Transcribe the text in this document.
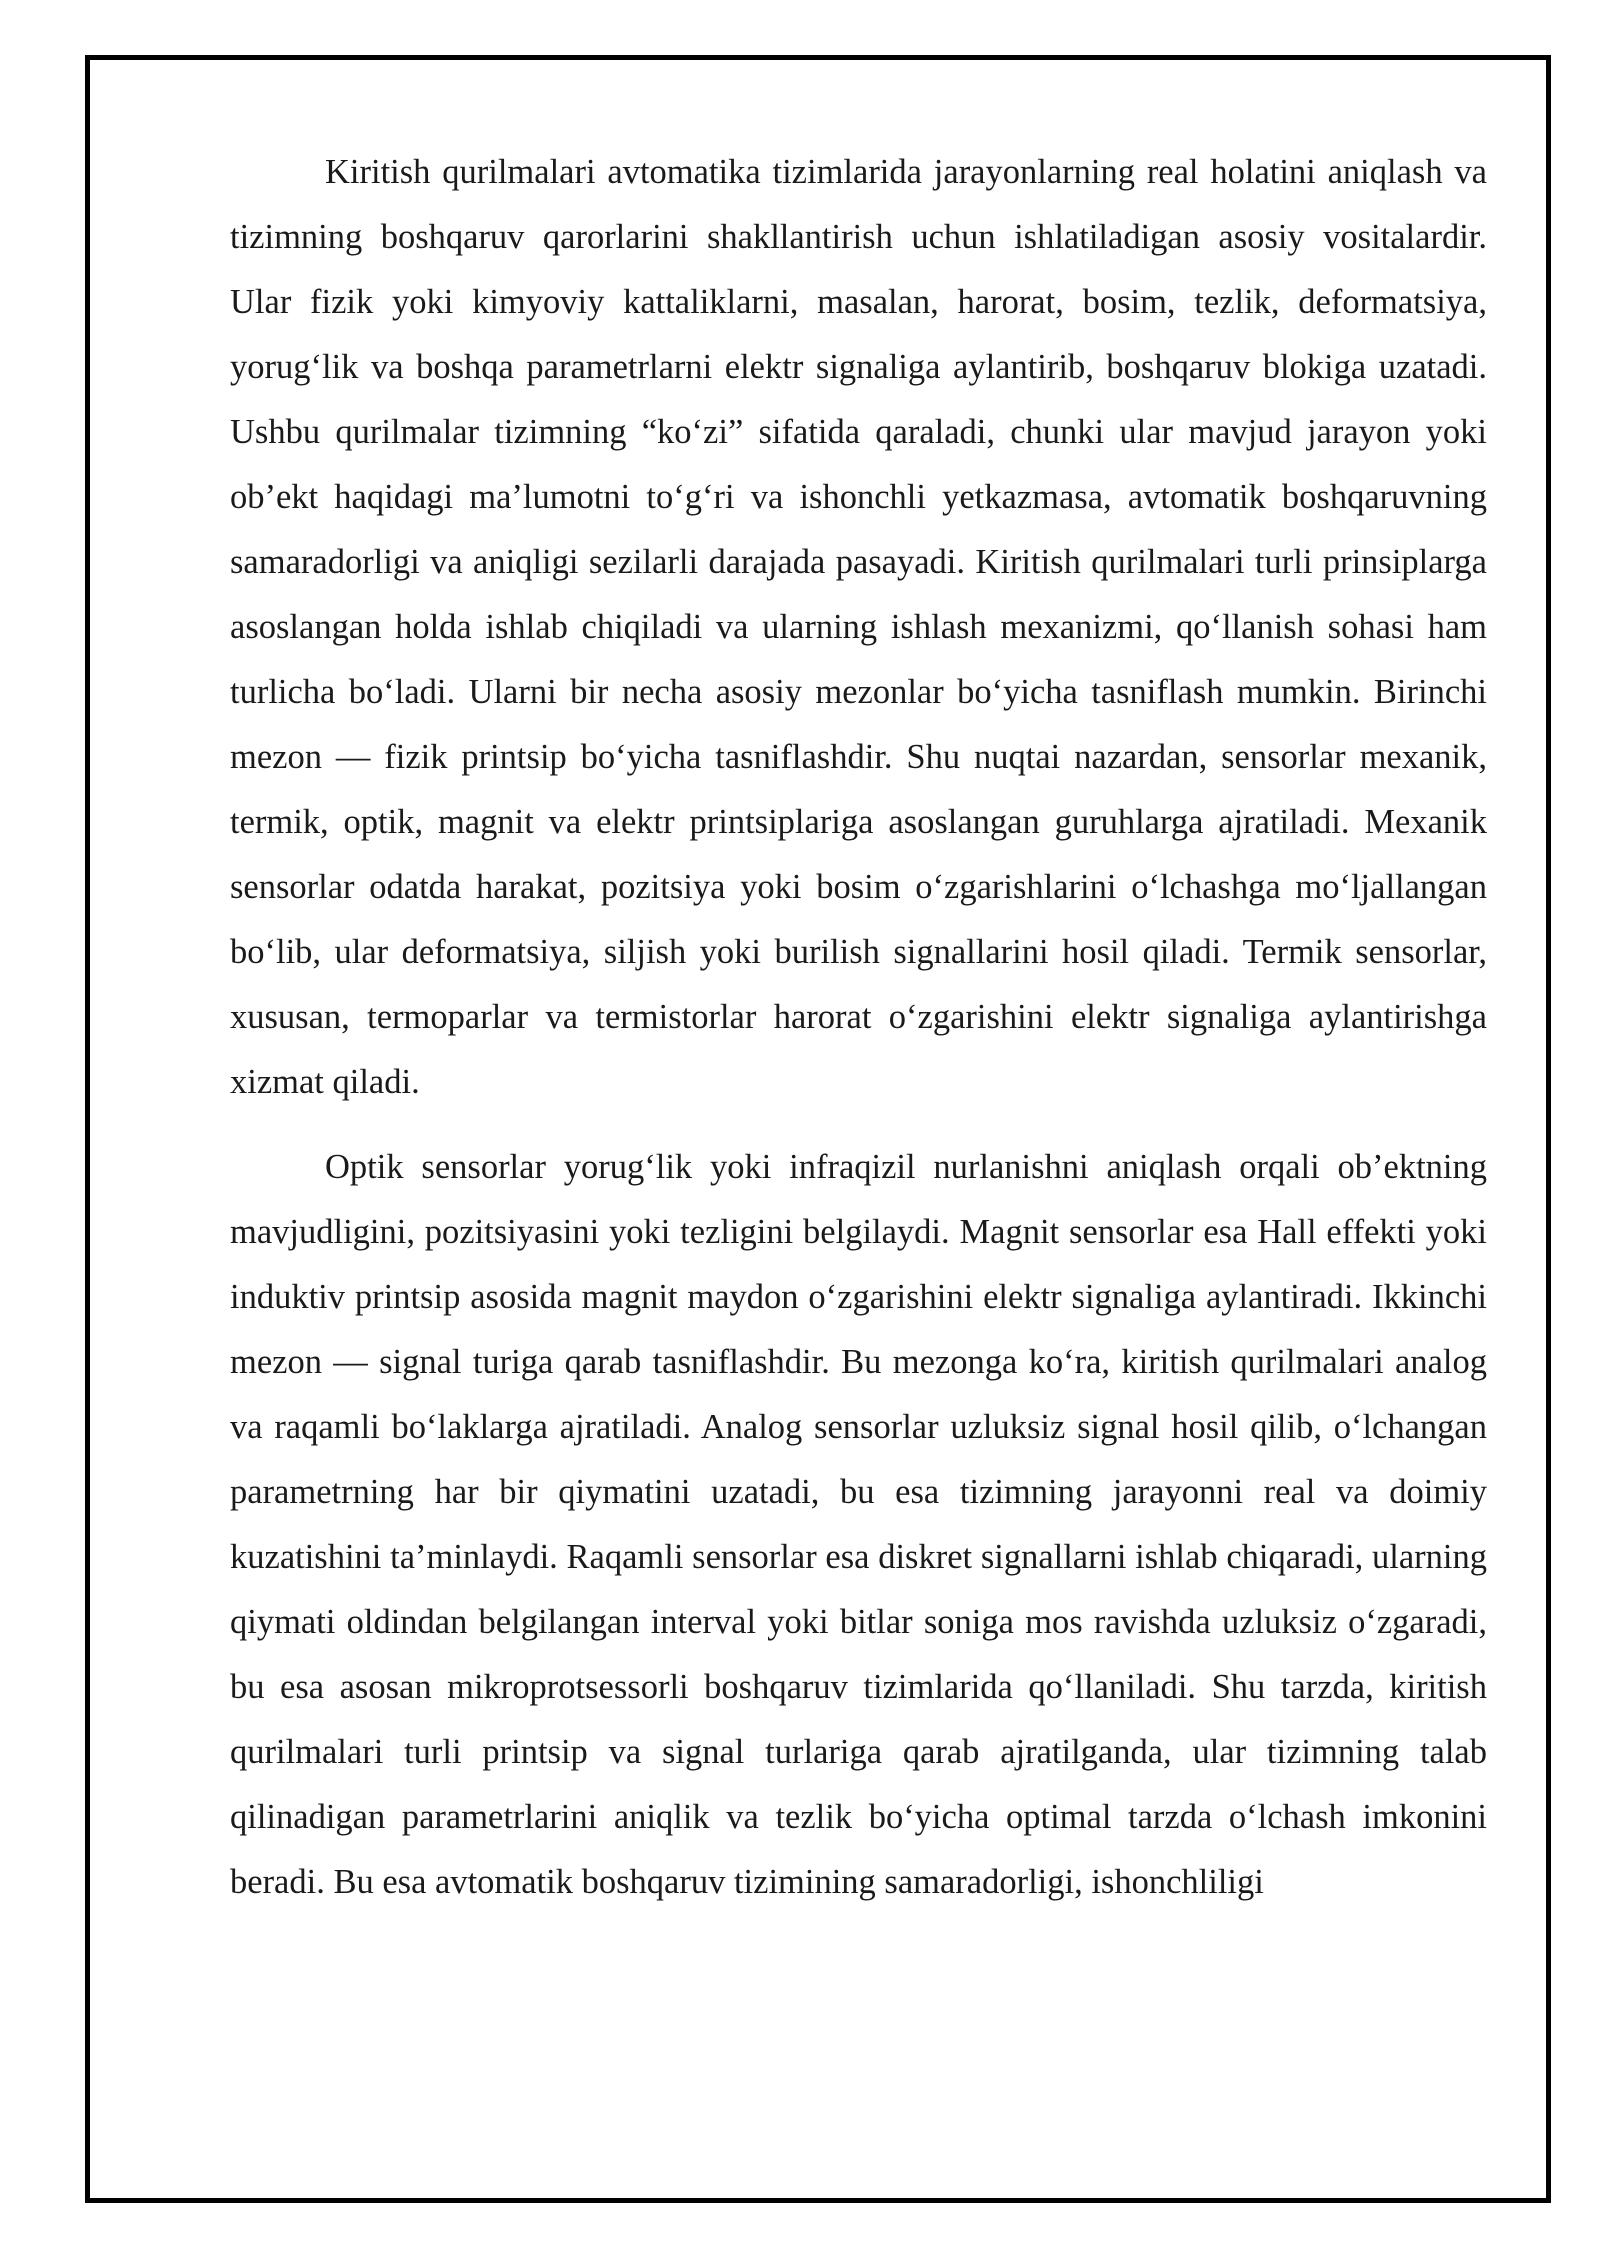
Kiritish qurilmalari avtomatika tizimlarida jarayonlarning real holatini aniqlash va tizimning boshqaruv qarorlarini shakllantirish uchun ishlatiladigan asosiy vositalardir. Ular fizik yoki kimyoviy kattaliklarni, masalan, harorat, bosim, tezlik, deformatsiya, yorug‘lik va boshqa parametrlarni elektr signaliga aylantirib, boshqaruv blokiga uzatadi. Ushbu qurilmalar tizimning “ko‘zi” sifatida qaraladi, chunki ular mavjud jarayon yoki ob’ekt haqidagi ma’lumotni to‘g‘ri va ishonchli yetkazmasa, avtomatik boshqaruvning samaradorligi va aniqligi sezilarli darajada pasayadi. Kiritish qurilmalari turli prinsiplarga asoslangan holda ishlab chiqiladi va ularning ishlash mexanizmi, qo‘llanish sohasi ham turlicha bo‘ladi. Ularni bir necha asosiy mezonlar bo‘yicha tasniflash mumkin. Birinchi mezon — fizik printsip bo‘yicha tasniflashdir. Shu nuqtai nazardan, sensorlar mexanik, termik, optik, magnit va elektr printsiplariga asoslangan guruhlarga ajratiladi. Mexanik sensorlar odatda harakat, pozitsiya yoki bosim o‘zgarishlarini o‘lchashga mo‘ljallangan bo‘lib, ular deformatsiya, siljish yoki burilish signallarini hosil qiladi. Termik sensorlar, xususan, termoparlar va termistorlar harorat o‘zgarishini elektr signaliga aylantirishga xizmat qiladi.

Optik sensorlar yorug‘lik yoki infraqizil nurlanishni aniqlash orqali ob’ektning mavjudligini, pozitsiyasini yoki tezligini belgilaydi. Magnit sensorlar esa Hall effekti yoki induktiv printsip asosida magnit maydon o‘zgarishini elektr signaliga aylantiradi. Ikkinchi mezon — signal turiga qarab tasniflashdir. Bu mezonga ko‘ra, kiritish qurilmalari analog va raqamli bo‘laklarga ajratiladi. Analog sensorlar uzluksiz signal hosil qilib, o‘lchangan parametrning har bir qiymatini uzatadi, bu esa tizimning jarayonni real va doimiy kuzatishini ta’minlaydi. Raqamli sensorlar esa diskret signallarni ishlab chiqaradi, ularning qiymati oldindan belgilangan interval yoki bitlar soniga mos ravishda uzluksiz o‘zgaradi, bu esa asosan mikroprotsessorli boshqaruv tizimlarida qo‘llaniladi. Shu tarzda, kiritish qurilmalari turli printsip va signal turlariga qarab ajratilganda, ular tizimning talab qilinadigan parametrlarini aniqlik va tezlik bo‘yicha optimal tarzda o‘lchash imkonini beradi. Bu esa avtomatik boshqaruv tizimining samaradorligi, ishonchliligi
